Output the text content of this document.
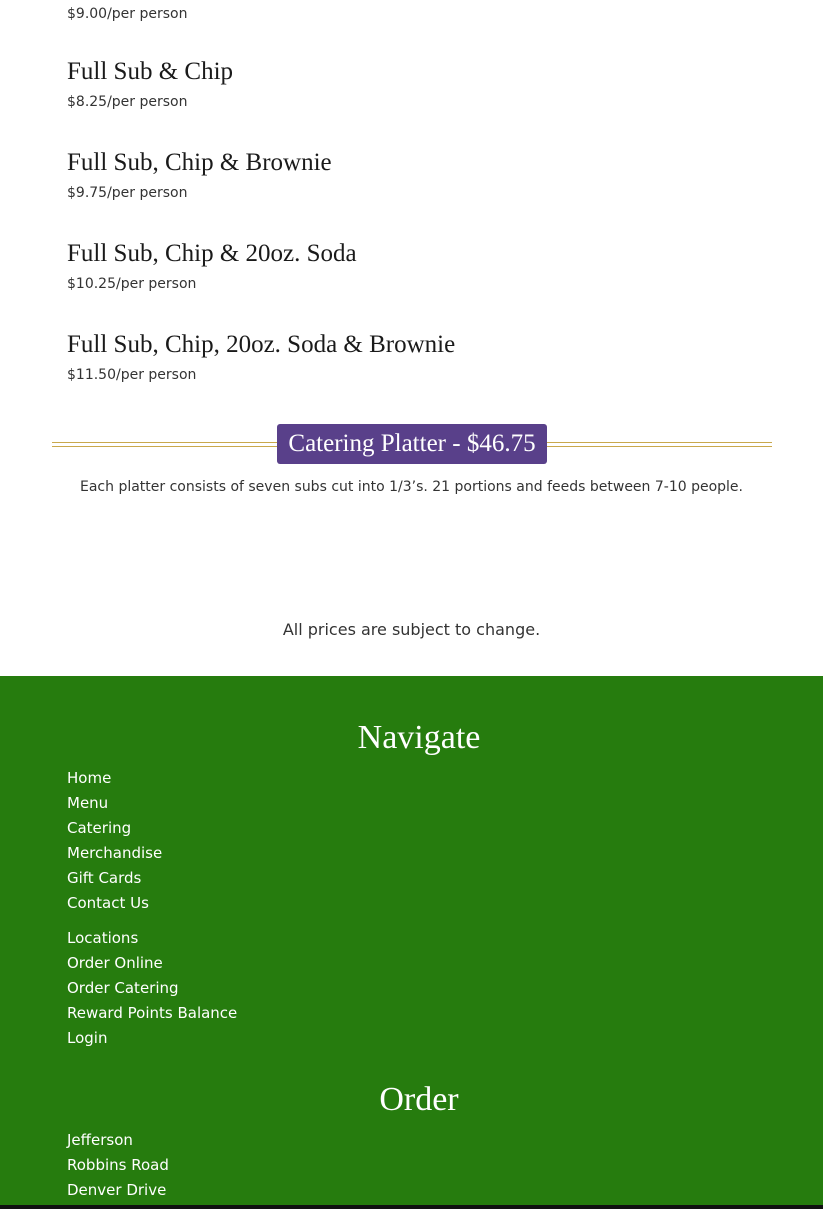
$9.00/per person
Full Sub & Chip
$8.25/per person
Full Sub, Chip & Brownie
$9.75/per person
Full Sub, Chip & 20oz. Soda
$10.25/per person
Full Sub, Chip, 20oz. Soda & Brownie
$11.50/per person
Catering Platter - $46.75
Each platter consists of seven subs cut into 1/3’s. 21 portions and feeds between 7-10 people.
All prices are subject to change.
Navigate
Home
Menu
Catering
Merchandise
Gift Cards
Contact Us
Locations
Order Online
Order Catering
Reward Points Balance
Login
Order
Jefferson
Robbins Road
Denver Drive
